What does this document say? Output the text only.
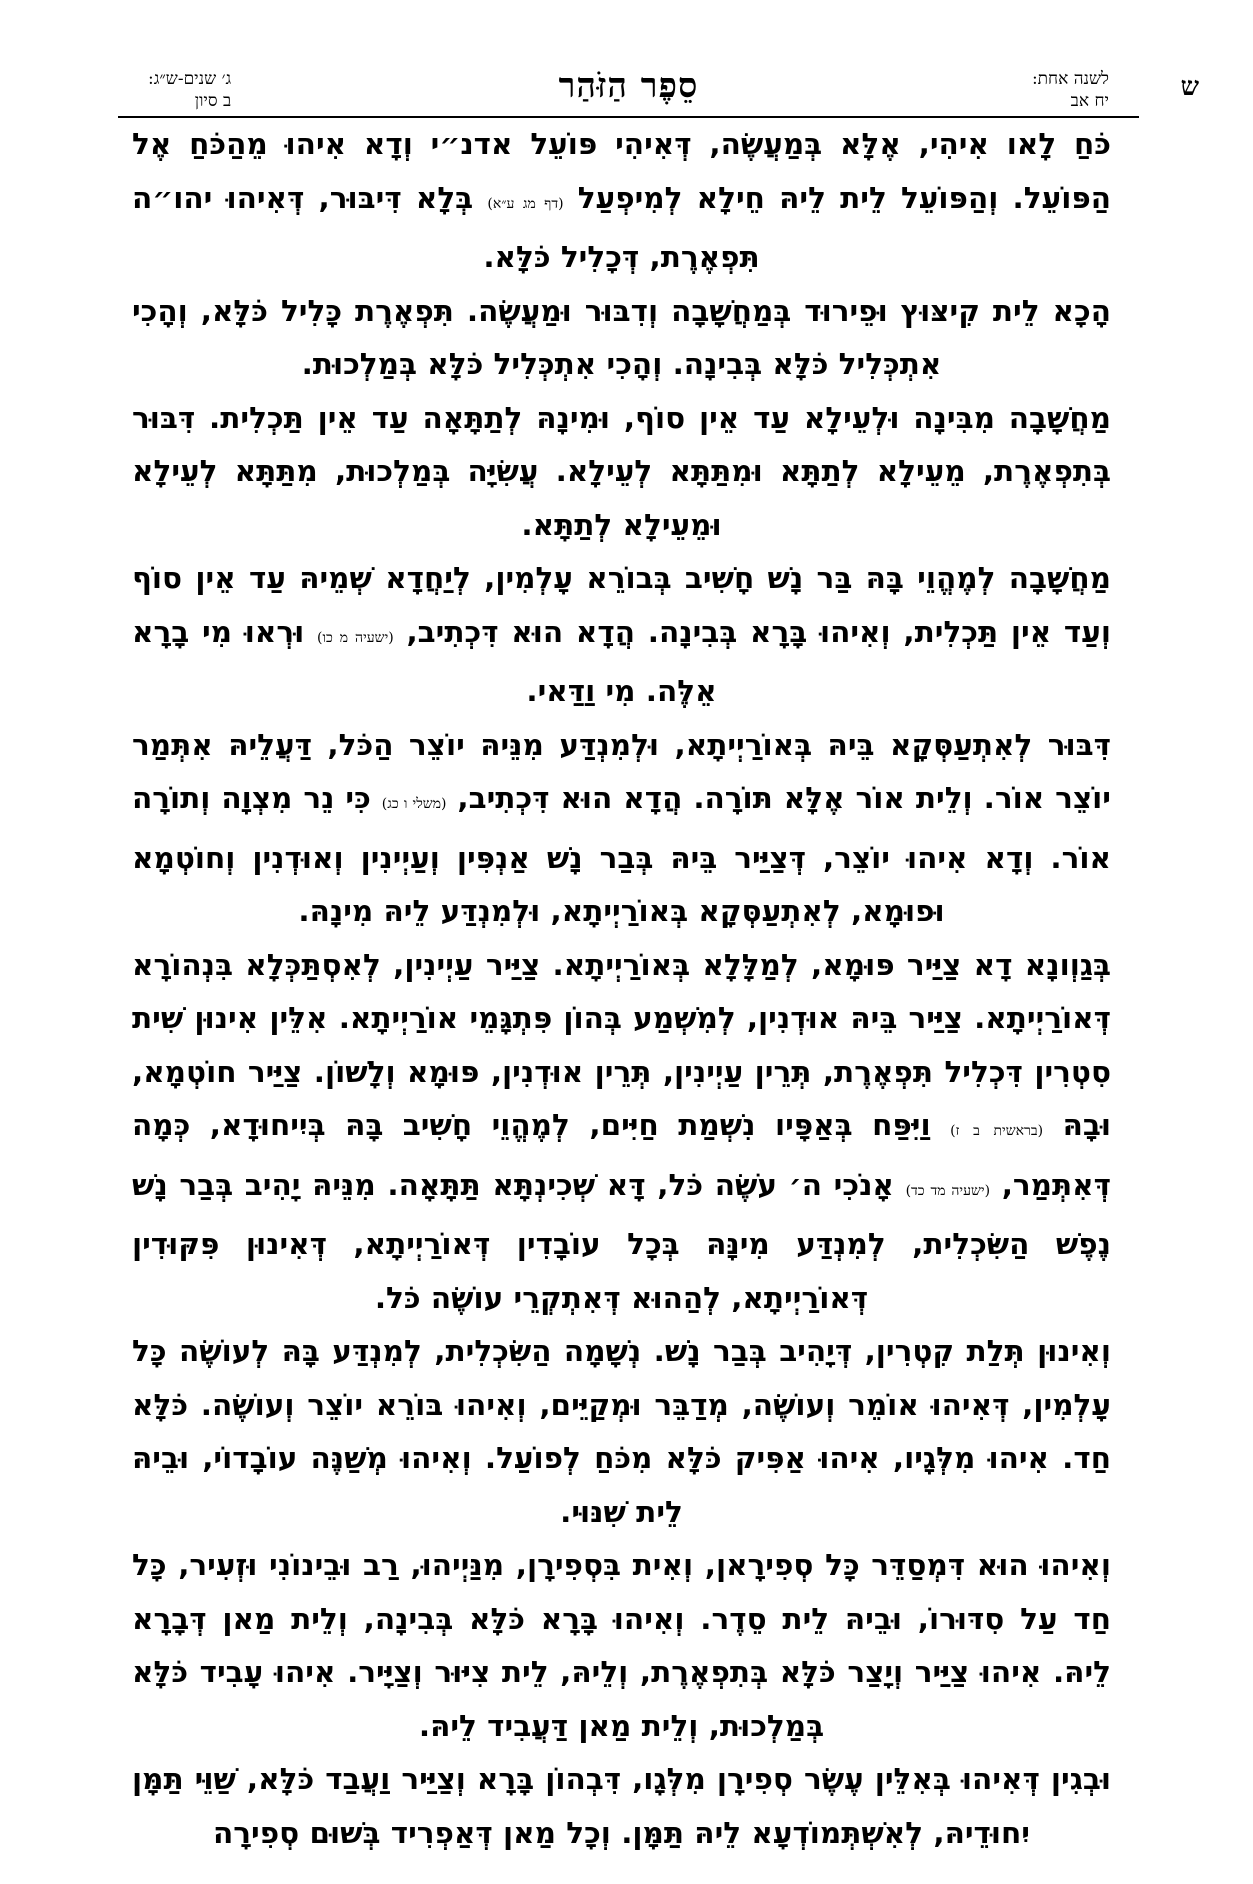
ש
לשנה אחת:
יח אב
סֵפֶר הַזֹּהַר
ג׳ שנים-ש״ג:
ב סיון

כֹּחַ לָאו אִיהִי, אֶלָּא בְּמַעֲשֶׂה, דְּאִיהִי פּוֹעֵל אדנ״י וְדָא אִיהוּ מֵהַכֹּחַ אֶל הַפּוֹעֵל. וְהַפּוֹעֵל לֵית לֵיהּ חֵילָא לְמִיפְעַל (דף מג ע״א) בְּלָא דִּיבּוּר, דְּאִיהוּ יהו״ה תִּפְאֶרֶת, דְּכָלִיל כֹּלָּא.

הָכָא לֵית קִיצּוּץ וּפֵירוּד בְּמַחֲשָׁבָה וְדִבּוּר וּמַעֲשֶׂה. תִּפְאֶרֶת כָּלִיל כֹּלָּא, וְהָכִי אִתְכְּלִיל כֹּלָּא בְּבִינָה. וְהָכִי אִתְכְּלִיל כֹּלָּא בְּמַלְכוּת.

מַחֲשָׁבָה מִבִּינָה וּלְעֵילָא עַד אֵין סוֹף, וּמִינָהּ לְתַתָּאָה עַד אֵין תַּכְלִית. דִּבּוּר בְּתִפְאֶרֶת, מֵעֵילָא לְתַתָּא וּמִתַּתָּא לְעֵילָא. עֲשִׂיָּה בְּמַלְכוּת, מִתַּתָּא לְעֵילָא וּמֵעֵילָא לְתַתָּא.

מַחֲשָׁבָה לְמֶהֱוֵי בָּהּ בַּר נָשׁ חָשִׁיב בְּבוֹרֵא עָלְמִין, לְיַחֲדָא שְׁמֵיהּ עַד אֵין סוֹף וְעַד אֵין תַּכְלִית, וְאִיהוּ בָּרָא בְּבִינָה. הֲדָא הוּא דִּכְתִיב, (ישעיה מ כו) וּרְאוּ מִי בָרָא אֵלֶּה. מִי וַדַּאי.

דִּבּוּר לְאִתְעַסְּקָא בֵּיהּ בְּאוֹרַיְיתָא, וּלְמִנְדַּע מִנֵּיהּ יוֹצֵר הַכֹּל, דַּעֲלֵיהּ אִתְּמַר יוֹצֵר אוֹר. וְלֵית אוֹר אֶלָּא תּוֹרָה. הֲדָא הוּא דִּכְתִיב, (משלי ו כג) כִּי נֵר מִצְוָה וְתוֹרָה אוֹר. וְדָא אִיהוּ יוֹצֵר, דְּצַיַּיר בֵּיהּ בְּבַר נָשׁ אַנְפִּין וְעַיְינִין וְאוּדְנִין וְחוֹטְמָא וּפוּמָא, לְאִתְעַסְּקָא בְּאוֹרַיְיתָא, וּלְמִנְדַּע לֵיהּ מִינָהּ.

בְּגַוְונָא דָא צַיַּיר פּוּמָא, לְמַלָּלָא בְּאוֹרַיְיתָא. צַיַּיר עַיְינִין, לְאִסְתַּכְּלָא בִּנְהוֹרָא דְּאוֹרַיְיתָא. צַיַּיר בֵּיהּ אוּדְנִין, לְמִשְׁמַע בְּהוֹן פִּתְגָּמֵי אוֹרַיְיתָא. אִלֵּין אִינוּן שִׁית סִטְרִין דִּכְלִיל תִּפְאֶרֶת, תְּרֵין עַיְינִין, תְּרֵין אוּדְנִין, פּוּמָא וְלָשׁוֹן. צַיַּיר חוֹטְמָא, וּבָהּ (בראשית ב ז) וַיִּפַּח בְּאַפָּיו נִשְׁמַת חַיִּים, לְמֶהֱוֵי חָשִׁיב בָּהּ בְּיִיחוּדָא, כְּמָה דְּאִתְּמַר, (ישעיה מד כד) אָנֹכִי ה׳ עֹשֶׂה כֹּל, דָּא שְׁכִינְתָּא תַּתָּאָה. מִנֵּיהּ יָהִיב בְּבַר נָשׁ נֶפֶשׁ הַשִּׂכְלִית, לְמִנְדַּע מִינָּהּ בְּכָל עוֹבָדִין דְּאוֹרַיְיתָא, דְּאִינוּן פִּקּוּדִין דְּאוֹרַיְיתָא, לְהַהוּא דְּאִתְקְרֵי עוֹשֶׂה כֹּל.

וְאִינוּן תְּלַת קִטְרִין, דְּיָהִיב בְּבַר נָשׁ. נְשָׁמָה הַשִּׂכְלִית, לְמִנְדַּע בָּהּ לְעוֹשֶׂה כָּל עָלְמִין, דְּאִיהוּ אוֹמֵר וְעוֹשֶׂה, מְדַבֵּר וּמְקַיֵּים, וְאִיהוּ בּוֹרֵא יוֹצֵר וְעוֹשֶׂה. כֹּלָּא חַד. אִיהוּ מִלְּגָיו, אִיהוּ אַפִּיק כֹּלָּא מִכֹּחַ לְפוֹעַל. וְאִיהוּ מְשַׁנֶּה עוֹבָדוֹי, וּבֵיהּ לֵית שִׁנּוּי.

וְאִיהוּ הוּא דִּמְסַדֵּר כָּל סְפִירָאן, וְאִית בִּסְפִירָן, מִנַּיְיהוּ, רַב וּבֵינוֹנִי וּזְעִיר, כָּל חַד עַל סִדּוּרוֹ, וּבֵיהּ לֵית סֵדֶר. וְאִיהוּ בָּרָא כֹּלָּא בְּבִינָה, וְלֵית מַאן דְּבָרָא לֵיהּ. אִיהוּ צַיַּיר וְיָצַר כֹּלָּא בְּתִפְאֶרֶת, וְלֵיהּ, לֵית צִיּוּר וְצַיָּיר. אִיהוּ עָבִיד כֹּלָּא בְּמַלְכוּת, וְלֵית מַאן דַּעֲבִיד לֵיהּ.

וּבְגִין דְּאִיהוּ בְּאִלֵּין עֶשֶׂר סְפִירָן מִלְּגָו, דִּבְהוֹן בָּרָא וְצַיַּיר וַעֲבַד כֹּלָּא, שַׁוֵּי תַּמָּן יִחוּדֵיהּ, לְאִשְׁתְּמוֹדְעָא לֵיהּ תַּמָּן. וְכָל מַאן דְּאַפְרִיד בְּשׁוּם סְפִירָה
